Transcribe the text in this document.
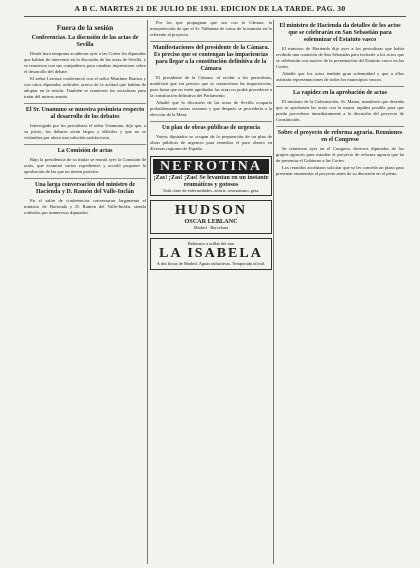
A B C. MARTES 21 DE JULIO DE 1931. EDICION DE LA TARDE. PAG. 30
Fuera de la sesión
Conferencias. La discusión de las actas de Sevilla

Desde hora temprana acudieron ayer a las Cortes los diputados que habían de intervenir en la discusión de las actas de Sevilla, y se reunieron con sus compañeros para cambiar impresiones sobre el desarrollo del debate.

El señor Lerroux conferenció con el señor Martínez Barrios y con otros diputados radicales acerca de la actitud que habían de adoptar en la sesión. También se reunieron los socialistas para tratar del mismo asunto.

El Sr. Unamuno se muestra pesimista respecto al desarrollo de los debates

Interrogado por los periodistas el señor Unamuno, dijo que, a su juicio, los debates serán largos y difíciles y que no se vislumbra por ahora una solución satisfactoria.

La Comisión de actas

Bajo la presidencia de su titular se reunió ayer la Comisión de actas, que examinó varios expedientes y acordó proponer la aprobación de las que no tienen protesta.

Una larga conversación del ministro de Hacienda y D. Ramón del Valle-Inclán

En el salón de conferencias conversaron largamente el ministro de Hacienda y D. Ramón del Valle-Inclán, siendo rodeados por numerosos diputados.

Por los que propugnan que sea con la Cámara, la interpretación de que el Sr. Valbuena de votos de la minoría en lo referente al proyecto.

Manifestaciones del presidente de la Cámara. Es preciso que se contengan las impaciencias para llegar a la constitución definitiva de la Cámara

El presidente de la Cámara, al recibir a los periodistas, manifestó que era preciso que se contuviesen las impaciencias, pues hasta que no estén aprobadas las actas no podrá procederse a la constitución definitiva del Parlamento.

Añadió que la discusión de las actas de Sevilla ocuparía probablemente varias sesiones y que después se procedería a la elección de la Mesa.

Un plan de obras públicas de urgencia

Varios diputados se ocupan de la preparación de un plan de obras públicas de urgencia para remediar el paro obrero en diversas regiones de España.

NEFROTINA
¡Zas! ¡Zas! ¡Zas! Se levantan en un instante reumáticos y gotosos
Toda clase de enfermedades, artritis, reumatismo, gota.
HUDSON
OSCAR LEBLANC
Madrid · Barcelona
Balneario a orillas del mar
LA ISABELA
A dos horas de Madrid. Aguas radiactivas. Temporada oficial.
El ministro de Hacienda da detalles de los actos que se celebrarán en San Sebastián para solemnizar el Estatuto vasco

El ministro de Hacienda dijo ayer a los periodistas que había recibido una comisión de San Sebastián para invitarle a los actos que se celebrarán con motivo de la presentación del Estatuto vasco en las Cortes.

Añadió que los actos tendrán gran solemnidad y que a ellos asistirán representaciones de todos los municipios vascos.

La rapidez en la aprobación de actas

El ministro de la Gobernación, Sr. Maura, manifestó que deseaba que se aprobasen las actas con la mayor rapidez posible para que pueda procederse inmediatamente a la discusión del proyecto de Constitución.

Sobre el proyecto de reforma agraria. Reuniones en el Congreso

Se reunieron ayer en el Congreso diversos diputados de los grupos agrarios para estudiar el proyecto de reforma agraria que ha de presentar el Gobierno a las Cortes.

Los reunidos acordaron solicitar que se les conceda un plazo para presentar enmiendas al proyecto antes de su discusión en el pleno.
